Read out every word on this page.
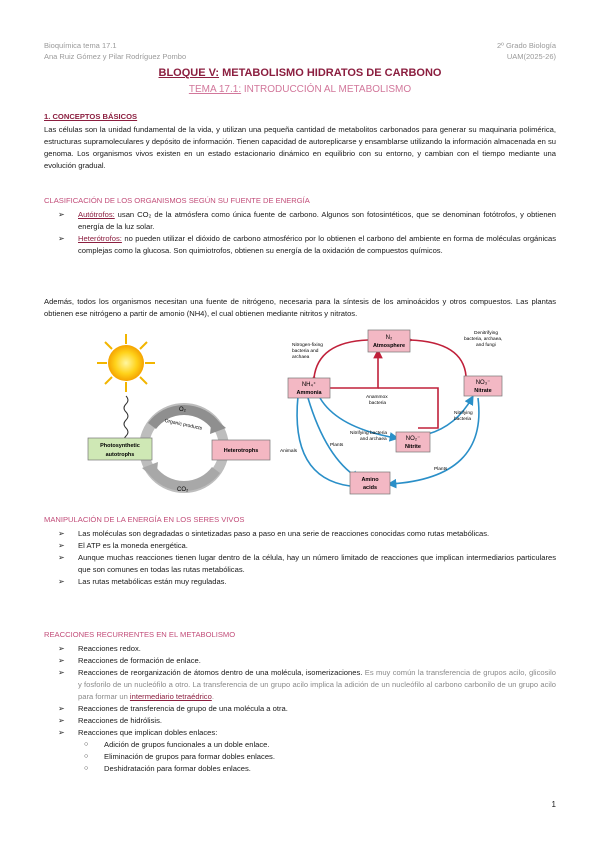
Bioquímica tema 17.1
Ana Ruiz Gómez y Pilar Rodríguez Pombo
2º Grado Biología
UAM(2025-26)
BLOQUE V: METABOLISMO HIDRATOS DE CARBONO
TEMA 17.1: INTRODUCCIÓN AL METABOLISMO
1. CONCEPTOS BÁSICOS
Las células son la unidad fundamental de la vida, y utilizan una pequeña cantidad de metabolitos carbonados para generar su maquinaria polimérica, estructuras supramoleculares y depósito de información. Tienen capacidad de autoreplicarse y ensamblarse utilizando la información almacenada en su genoma. Los organismos vivos existen en un estado estacionario dinámico en equilibrio con su entorno, y cambian con el tiempo mediante una evolución gradual.
CLASIFICACIÓN DE LOS ORGANISMOS SEGÚN SU FUENTE DE ENERGÍA
➢ Autótrofos: usan CO₂ de la atmósfera como única fuente de carbono. Algunos son fotosintéticos, que se denominan fotótrofos, y obtienen energía de la luz solar.
➢ Heterótrofos: no pueden utilizar el dióxido de carbono atmosférico por lo obtienen el carbono del ambiente en forma de moléculas orgánicas complejas como la glucosa. Son quimiotrofos, obtienen su energía de la oxidación de compuestos químicos.
Además, todos los organismos necesitan una fuente de nitrógeno, necesaria para la síntesis de los aminoácidos y otros compuestos. Las plantas obtienen ese nitrógeno a partir de amonio (NH4), el cual obtienen mediante nitritos y nitratos.
O₂
CO₂
Organic products
Photosynthetic
autotrophs
Heterotrophs
N₂
Atmosphere
NH₄⁺
Ammonia
NO₃⁻
Nitrate
NO₂⁻
Nitrite
Amino
acids
Nitrogen-fixing
bacteria and
archaea
Denitrifying
bacteria, archaea,
and fungi
Anammox
bacteria
Nitrifying
bacteria
Nitrifying bacteria
and archaea
Plants
Animals
Plants
MANIPULACIÓN DE LA ENERGÍA EN LOS SERES VIVOS
➢ Las moléculas son degradadas o sintetizadas paso a paso en una serie de reacciones conocidas como rutas metabólicas.
➢ El ATP es la moneda energética.
➢ Aunque muchas reacciones tienen lugar dentro de la célula, hay un número limitado de reacciones que implican intermediarios particulares que son comunes en todas las rutas metabólicas.
➢ Las rutas metabólicas están muy reguladas.
REACCIONES RECURRENTES EN EL METABOLISMO
➢ Reacciones redox.
➢ Reacciones de formación de enlace.
➢ Reacciones de reorganización de átomos dentro de una molécula, isomerizaciones. Es muy común la transferencia de grupos acilo, glicosilo y fosforilo de un nucleófilo a otro. La transferencia de un grupo acilo implica la adición de un nucleófilo al carbono carbonilo de un grupo acilo para formar un intermediario tetraédrico.
➢ Reacciones de transferencia de grupo de una molécula a otra.
➢ Reacciones de hidrólisis.
➢ Reacciones que implican dobles enlaces:
○ Adición de grupos funcionales a un doble enlace.
○ Eliminación de grupos para formar dobles enlaces.
○ Deshidratación para formar dobles enlaces.
1
